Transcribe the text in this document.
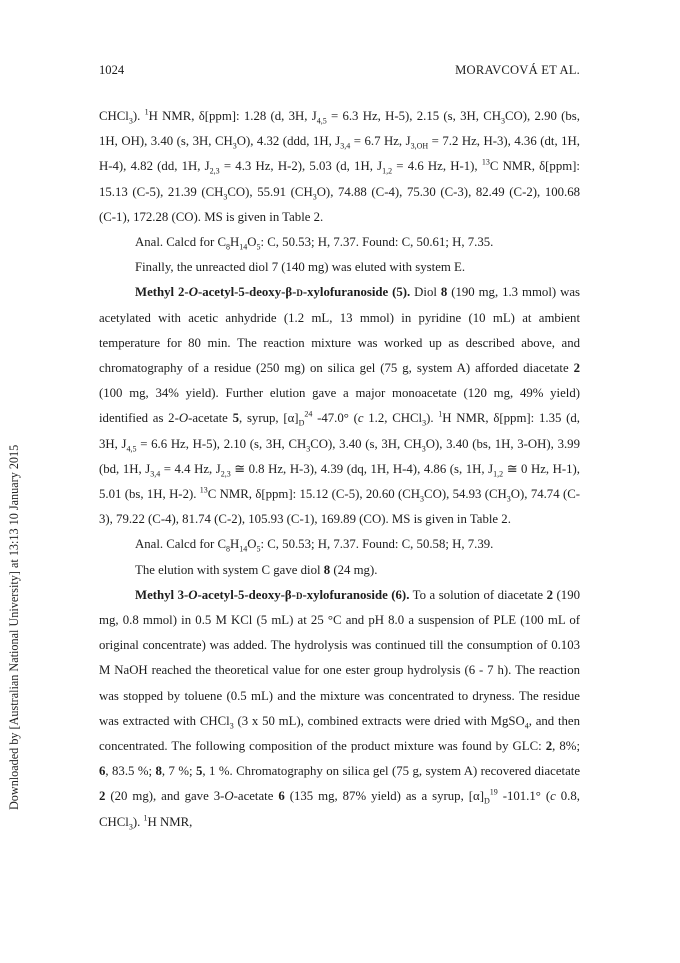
1024	MORAVCOVÁ ET AL.
Downloaded by [Australian National University] at 13:13 10 January 2015

CHCl$_3$). $^1$H NMR, δ[ppm]: 1.28 (d, 3H, $J_{4,5} = 6.3$ Hz, H-5), 2.15 (s, 3H, $CH_3CO$), 2.90 (bs, 1H, OH), 3.40 (s, 3H, $CH_3O$), 4.32 (ddd, 1H, $J_{3,4} = 6.7$ Hz, $J_{3,OH} = 7.2$ Hz, H-3), 4.36 (dt, 1H, H-4), 4.82 (dd, 1H, $J_{2,3} = 4.3$ Hz, H-2), 5.03 (d, 1H, $J_{1,2} = 4.6$ Hz, H-1), $^{13}$C NMR, δ[ppm]: 15.13 (C-5), 21.39 $(CH_3CO)$, 55.91 $(CH_3O)$, 74.88 (C-4), 75.30 (C-3), 82.49 (C-2), 100.68 (C-1), 172.28 (CO). MS is given in Table 2.

Anal. Calcd for $C_8H_{14}O_5$: C, 50.53; H, 7.37. Found: C, 50.61; H, 7.35.

Finally, the unreacted diol 7 (140 mg) was eluted with system E.

Methyl 2-O-acetyl-5-deoxy-β-d-xylofuranoside (5). Diol 8 (190 mg, 1.3 mmol) was acetylated with acetic anhydride (1.2 mL, 13 mmol) in pyridine (10 mL) at ambient temperature for 80 min. The reaction mixture was worked up as described above, and chromatography of a residue (250 mg) on silica gel (75 g, system A) afforded diacetate 2 (100 mg, 34% yield). Further elution gave a major monoacetate (120 mg, 49% yield) identified as 2-O-acetate 5, syrup, $[\alpha]_D^{24}$ -47.0° (c 1.2, CHCl$_3$). $^1$H NMR, δ[ppm]: 1.35 (d, 3H, $J_{4,5} = 6.6$ Hz, H-5), 2.10 (s, 3H, $CH_3CO$), 3.40 (s, 3H, $CH_3O$), 3.40 (bs, 1H, 3-OH), 3.99 (bd, 1H, $J_{3,4} = 4.4$ Hz, $J_{2,3}$ ≅ 0.8 Hz, H-3), 4.39 (dq, 1H, H-4), 4.86 (s, 1H, $J_{1,2}$ ≅ 0 Hz, H-1), 5.01 (bs, 1H, H-2). $^{13}$C NMR, δ[ppm]: 15.12 (C-5), 20.60 $(CH_3CO)$, 54.93 $(CH_3O)$, 74.74 (C-3), 79.22 (C-4), 81.74 (C-2), 105.93 (C-1), 169.89 (CO). MS is given in Table 2.

Anal. Calcd for $C_8H_{14}O_5$: C, 50.53; H, 7.37. Found: C, 50.58; H, 7.39.

The elution with system C gave diol 8 (24 mg).

Methyl 3-O-acetyl-5-deoxy-β-d-xylofuranoside (6). To a solution of diacetate 2 (190 mg, 0.8 mmol) in 0.5 M KCl (5 mL) at 25 °C and pH 8.0 a suspension of PLE (100 mL of original concentrate) was added. The hydrolysis was continued till the consumption of 0.103 M NaOH reached the theoretical value for one ester group hydrolysis (6 - 7 h). The reaction was stopped by toluene (0.5 mL) and the mixture was concentrated to dryness. The residue was extracted with CHCl$_3$ (3 x 50 mL), combined extracts were dried with MgSO$_4$, and then concentrated. The following composition of the product mixture was found by GLC: 2, 8%; 6, 83.5 %; 8, 7 %; 5, 1 %. Chromatography on silica gel (75 g, system A) recovered diacetate 2 (20 mg), and gave 3-O-acetate 6 (135 mg, 87% yield) as a syrup, $[\alpha]_D^{19}$ -101.1° (c 0.8, CHCl$_3$). $^1$H NMR,
